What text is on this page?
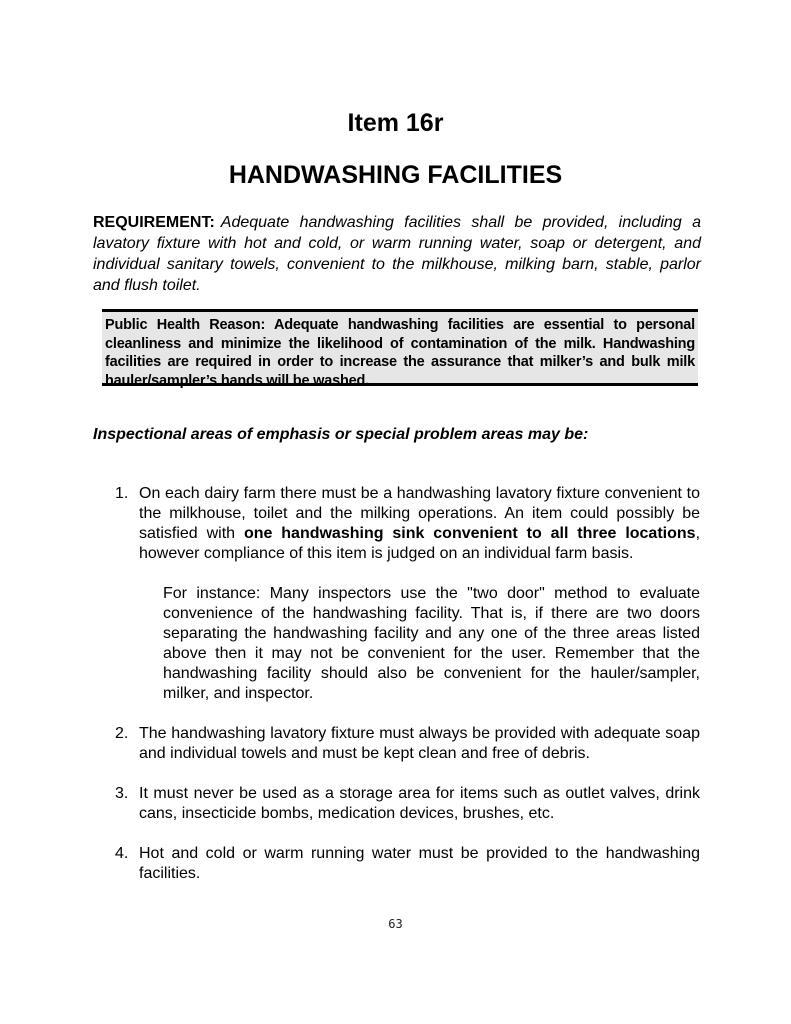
Item 16r
HANDWASHING FACILITIES
REQUIREMENT: Adequate handwashing facilities shall be provided, including a lavatory fixture with hot and cold, or warm running water, soap or detergent, and individual sanitary towels, convenient to the milkhouse, milking barn, stable, parlor and flush toilet.

Public Health Reason: Adequate handwashing facilities are essential to personal cleanliness and minimize the likelihood of contamination of the milk. Handwashing facilities are required in order to increase the assurance that milker’s and bulk milk hauler/sampler’s hands will be washed.

Inspectional areas of emphasis or special problem areas may be:
1. On each dairy farm there must be a handwashing lavatory fixture convenient to the milkhouse, toilet and the milking operations. An item could possibly be satisfied with one handwashing sink convenient to all three locations, however compliance of this item is judged on an individual farm basis.

For instance: Many inspectors use the "two door" method to evaluate convenience of the handwashing facility. That is, if there are two doors separating the handwashing facility and any one of the three areas listed above then it may not be convenient for the user. Remember that the handwashing facility should also be convenient for the hauler/sampler, milker, and inspector.

2. The handwashing lavatory fixture must always be provided with adequate soap and individual towels and must be kept clean and free of debris.

3. It must never be used as a storage area for items such as outlet valves, drink cans, insecticide bombs, medication devices, brushes, etc.

4. Hot and cold or warm running water must be provided to the handwashing facilities.

63
